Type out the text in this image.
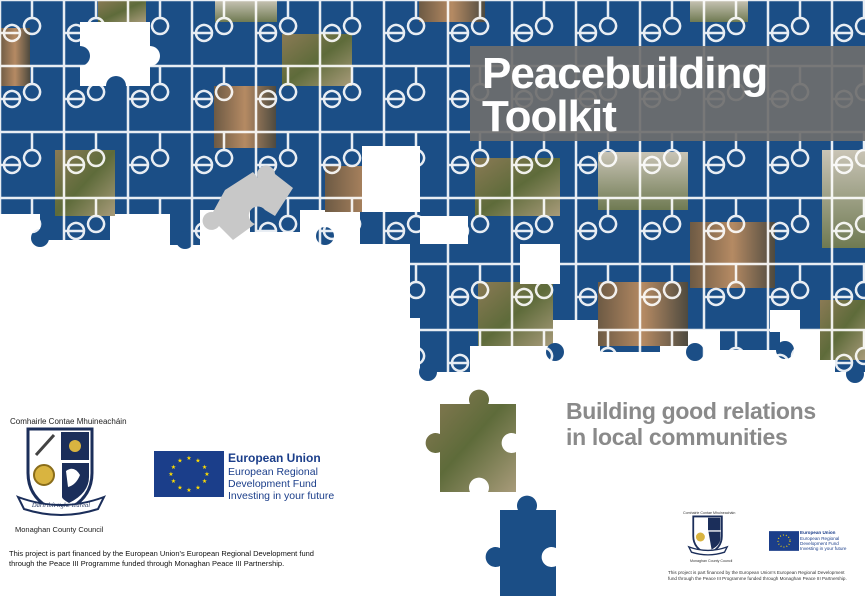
Peacebuilding
Toolkit
Building good relations
in local communities
Comhairle Contae Mhuineacháin
Daríribít tighe téarēál
Monaghan County Council
★ ★
★
★
★
★
★
★
★
★
★
★	European Union
European Regional
Development Fund
Investing in your future
This project is part financed by the European Union's European Regional Development fund
through the Peace III Programme funded through Monaghan Peace III Partnership.
Comhairle Contae Mhuineacháin
Monaghan County Council
European Union
European Regional
Development Fund
Investing in your future
This project is part financed by the European Union's European Regional Development
fund through the Peace III Programme funded through Monaghan Peace III Partnership.
